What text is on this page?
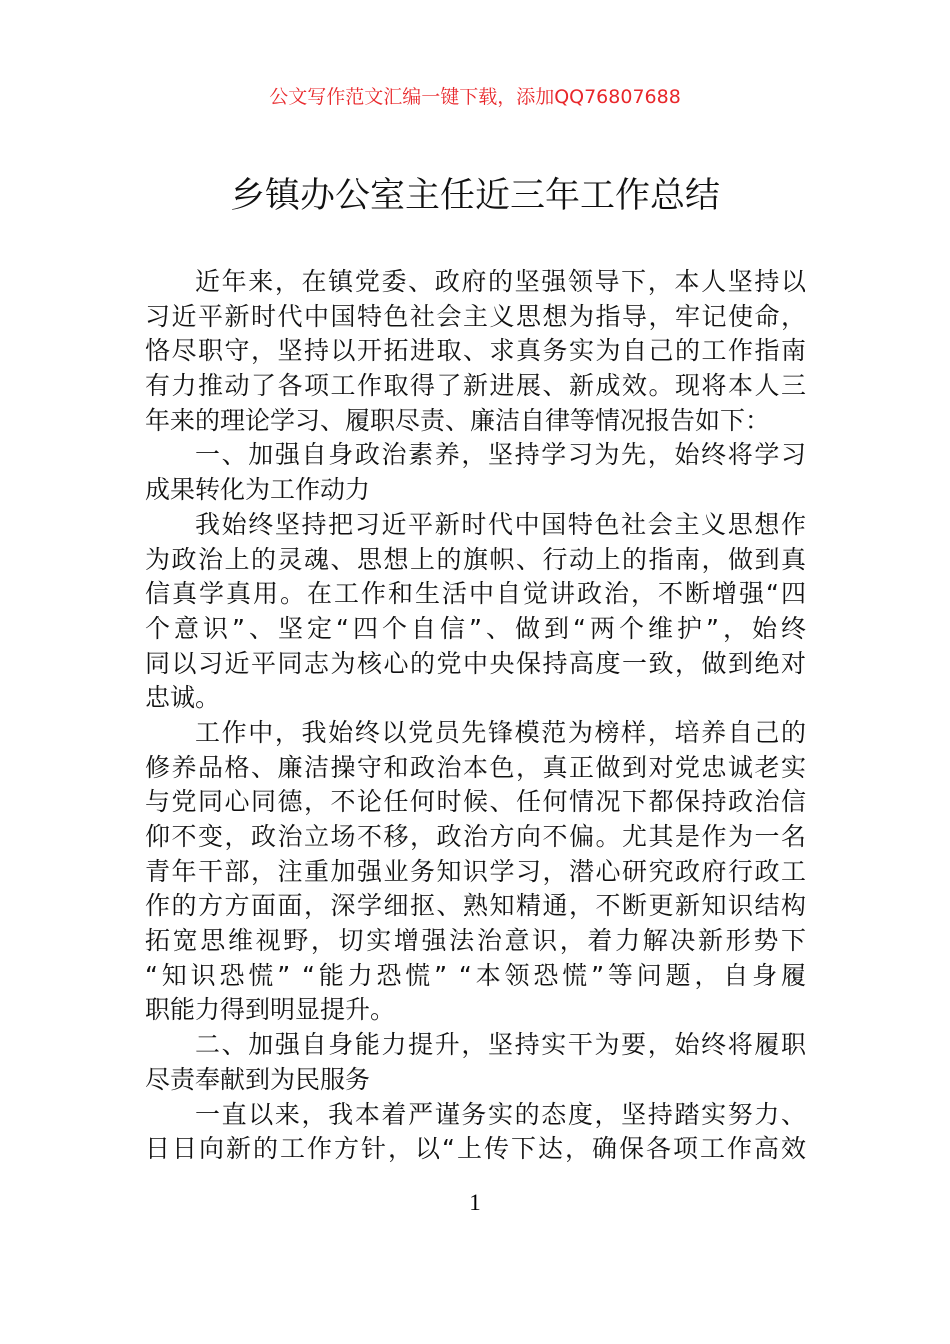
公文写作范文汇编一键下载，添加QQ76807688
乡镇办公室主任近三年工作总结
近年来，在镇党委、政府的坚强领导下，本人坚持以
习近平新时代中国特色社会主义思想为指导，牢记使命，
恪尽职守，坚持以开拓进取、求真务实为自己的工作指南
有力推动了各项工作取得了新进展、新成效。现将本人三
年来的理论学习、履职尽责、廉洁自律等情况报告如下：
一、加强自身政治素养，坚持学习为先，始终将学习
成果转化为工作动力
我始终坚持把习近平新时代中国特色社会主义思想作
为政治上的灵魂、思想上的旗帜、行动上的指南，做到真
信真学真用。在工作和生活中自觉讲政治，不断增强“四
个意识”、坚定“四个自信”、做到“两个维护”，始终
同以习近平同志为核心的党中央保持高度一致，做到绝对
忠诚。
工作中，我始终以党员先锋模范为榜样，培养自己的
修养品格、廉洁操守和政治本色，真正做到对党忠诚老实
与党同心同德，不论任何时候、任何情况下都保持政治信
仰不变，政治立场不移，政治方向不偏。尤其是作为一名
青年干部，注重加强业务知识学习，潜心研究政府行政工
作的方方面面，深学细抠、熟知精通，不断更新知识结构
拓宽思维视野，切实增强法治意识，着力解决新形势下
“知识恐慌” “能力恐慌” “本领恐慌”等问题，自身履
职能力得到明显提升。
二、加强自身能力提升，坚持实干为要，始终将履职
尽责奉献到为民服务
一直以来，我本着严谨务实的态度，坚持踏实努力、
日日向新的工作方针，以“上传下达，确保各项工作高效
1
